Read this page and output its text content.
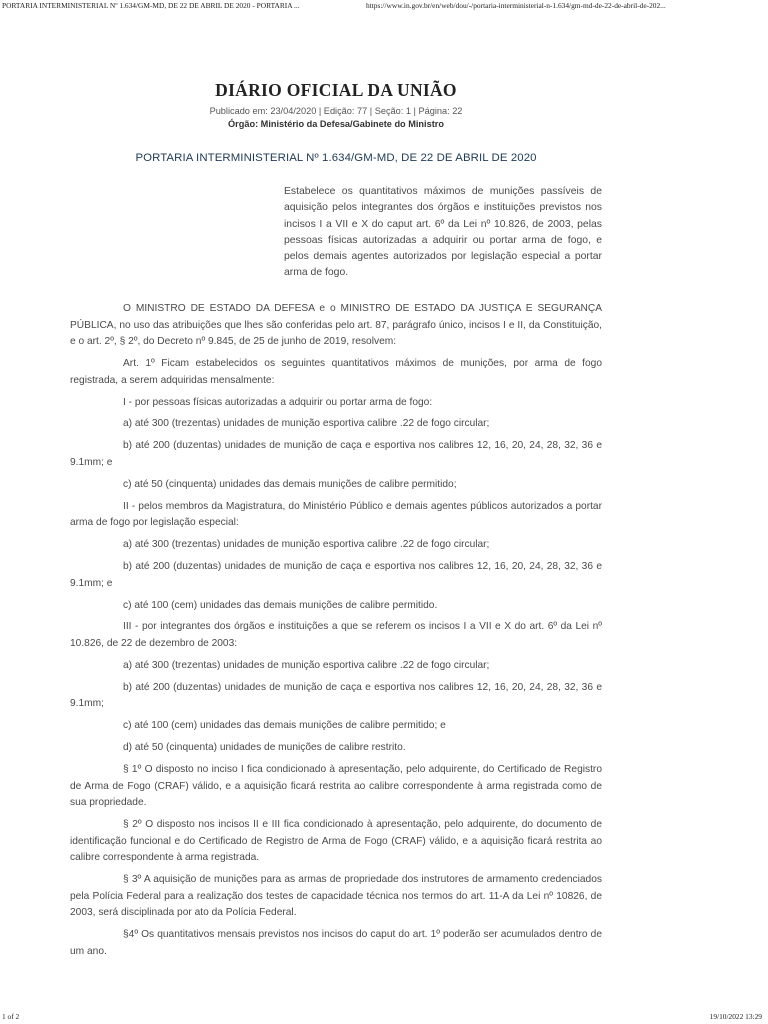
PORTARIA INTERMINISTERIAL Nº 1.634/GM-MD, DE 22 DE ABRIL DE 2020 - PORTARIA ...	https://www.in.gov.br/en/web/dou/-/portaria-interministerial-n-1.634/gm-md-de-22-de-abril-de-202...
DIÁRIO OFICIAL DA UNIÃO
Publicado em: 23/04/2020 | Edição: 77 | Seção: 1 | Página: 22
Órgão: Ministério da Defesa/Gabinete do Ministro
PORTARIA INTERMINISTERIAL Nº 1.634/GM-MD, DE 22 DE ABRIL DE 2020
Estabelece os quantitativos máximos de munições passíveis de aquisição pelos integrantes dos órgãos e instituições previstos nos incisos I a VII e X do caput art. 6º da Lei nº 10.826, de 2003, pelas pessoas físicas autorizadas a adquirir ou portar arma de fogo, e pelos demais agentes autorizados por legislação especial a portar arma de fogo.

O MINISTRO DE ESTADO DA DEFESA e o MINISTRO DE ESTADO DA JUSTIÇA E SEGURANÇA PÚBLICA, no uso das atribuições que lhes são conferidas pelo art. 87, parágrafo único, incisos I e II, da Constituição, e o art. 2º, § 2º, do Decreto nº 9.845, de 25 de junho de 2019, resolvem:

Art. 1º Ficam estabelecidos os seguintes quantitativos máximos de munições, por arma de fogo registrada, a serem adquiridas mensalmente:

I - por pessoas físicas autorizadas a adquirir ou portar arma de fogo:

a) até 300 (trezentas) unidades de munição esportiva calibre .22 de fogo circular;

b) até 200 (duzentas) unidades de munição de caça e esportiva nos calibres 12, 16, 20, 24, 28, 32, 36 e 9.1mm; e

c) até 50 (cinquenta) unidades das demais munições de calibre permitido;

II - pelos membros da Magistratura, do Ministério Público e demais agentes públicos autorizados a portar arma de fogo por legislação especial:

a) até 300 (trezentas) unidades de munição esportiva calibre .22 de fogo circular;

b) até 200 (duzentas) unidades de munição de caça e esportiva nos calibres 12, 16, 20, 24, 28, 32, 36 e 9.1mm; e

c) até 100 (cem) unidades das demais munições de calibre permitido.

III - por integrantes dos órgãos e instituições a que se referem os incisos I a VII e X do art. 6º da Lei nº 10.826, de 22 de dezembro de 2003:

a) até 300 (trezentas) unidades de munição esportiva calibre .22 de fogo circular;

b) até 200 (duzentas) unidades de munição de caça e esportiva nos calibres 12, 16, 20, 24, 28, 32, 36 e 9.1mm;

c) até 100 (cem) unidades das demais munições de calibre permitido; e

d) até 50 (cinquenta) unidades de munições de calibre restrito.

§ 1º O disposto no inciso I fica condicionado à apresentação, pelo adquirente, do Certificado de Registro de Arma de Fogo (CRAF) válido, e a aquisição ficará restrita ao calibre correspondente à arma registrada como de sua propriedade.

§ 2º O disposto nos incisos II e III fica condicionado à apresentação, pelo adquirente, do documento de identificação funcional e do Certificado de Registro de Arma de Fogo (CRAF) válido, e a aquisição ficará restrita ao calibre correspondente à arma registrada.

§ 3º A aquisição de munições para as armas de propriedade dos instrutores de armamento credenciados pela Polícia Federal para a realização dos testes de capacidade técnica nos termos do art. 11-A da Lei nº 10826, de 2003, será disciplinada por ato da Polícia Federal.

§4º Os quantitativos mensais previstos nos incisos do caput do art. 1º poderão ser acumulados dentro de um ano.

1 of 2	19/10/2022 13:29
